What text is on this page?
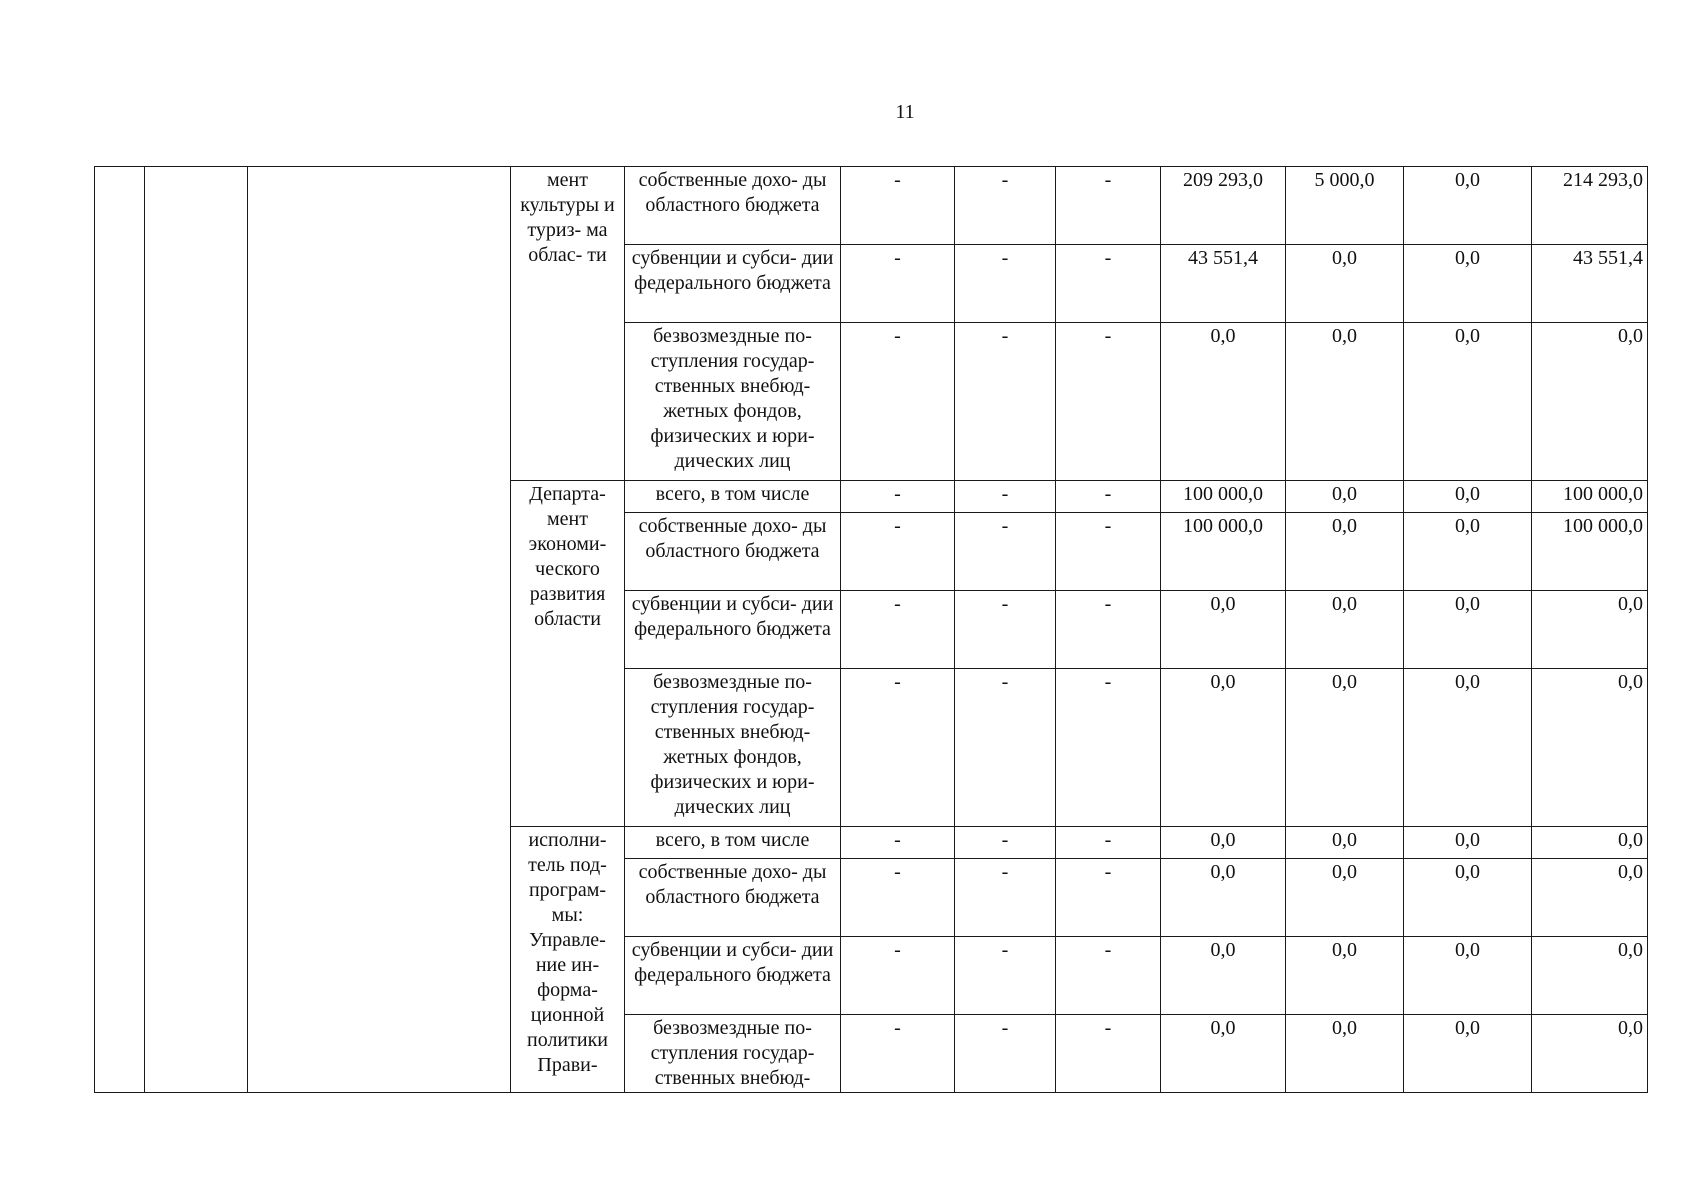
11
			мент культуры и туриз- ма облас- ти	собственные дохо- ды областного бюджета	-	-	-	209 293,0	5 000,0	0,0	214 293,0
				субвенции и субси- дии федерального бюджета	-	-	-	43 551,4	0,0	0,0	43 551,4
				безвозмездные по- ступления государ- ственных внебюд- жетных фондов, физических и юри- дических лиц	-	-	-	0,0	0,0	0,0	0,0
			Департа- мент экономи- ческого развития области	всего, в том числе	-	-	-	100 000,0	0,0	0,0	100 000,0
				собственные дохо- ды областного бюджета	-	-	-	100 000,0	0,0	0,0	100 000,0
				субвенции и субси- дии федерального бюджета	-	-	-	0,0	0,0	0,0	0,0
				безвозмездные по- ступления государ- ственных внебюд- жетных фондов, физических и юри- дических лиц	-	-	-	0,0	0,0	0,0	0,0
			исполни- тель под- програм- мы: Управле- ние ин- форма- ционной политики Прави-	всего, в том числе	-	-	-	0,0	0,0	0,0	0,0
				собственные дохо- ды областного бюджета	-	-	-	0,0	0,0	0,0	0,0
				субвенции и субси- дии федерального бюджета	-	-	-	0,0	0,0	0,0	0,0
				безвозмездные по- ступления государ- ственных внебюд-	-	-	-	0,0	0,0	0,0	0,0
